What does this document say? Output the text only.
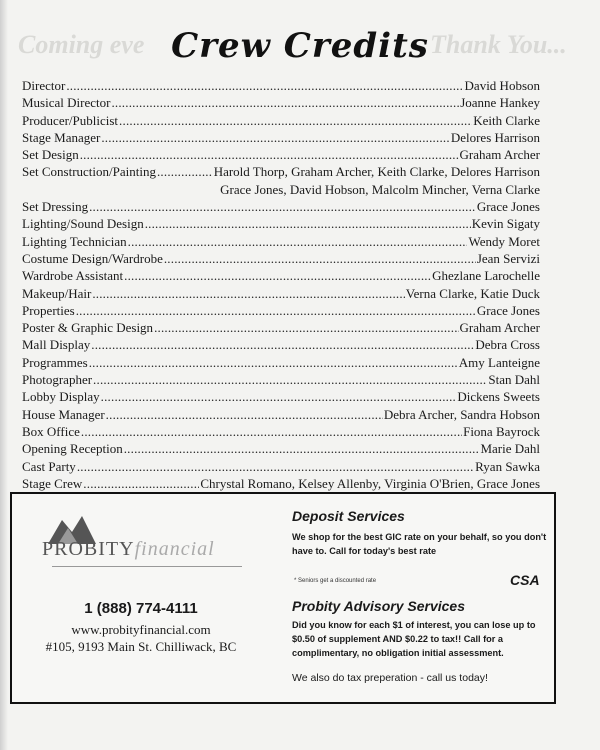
Coming eve	Thank You...
Crew Credits
Director .....	David Hobson
Musical Director .....	Joanne Hankey
Producer/Publicist .....	Keith Clarke
Stage Manager .....	Delores Harrison
Set Design .....	Graham Archer
Set Construction/Painting .....	Harold Thorp, Graham Archer, Keith Clarke, Delores Harrison
Grace Jones, David Hobson, Malcolm Mincher, Verna Clarke
Set Dressing .....	Grace Jones
Lighting/Sound Design .....	Kevin Sigaty
Lighting Technician .....	Wendy Moret
Costume Design/Wardrobe .....	Jean Servizi
Wardrobe Assistant .....	Ghezlane Larochelle
Makeup/Hair .....	Verna Clarke, Katie Duck
Properties .....	Grace Jones
Poster & Graphic Design .....	Graham Archer
Mall Display .....	Debra Cross
Programmes .....	Amy Lanteigne
Photographer .....	Stan Dahl
Lobby Display .....	Dickens Sweets
House Manager .....	Debra Archer, Sandra Hobson
Box Office .....	Fiona Bayrock
Opening Reception .....	Marie Dahl
Cast Party .....	Ryan Sawka
Stage Crew .....	Chrystal Romano, Kelsey Allenby, Virginia O'Brien, Grace Jones
.....
PROBITYfinancial
1 (888) 774-4111
www.probityfinancial.com
#105, 9193 Main St. Chilliwack, BC
Deposit Services
We shop for the best GIC rate on your behalf, so you don't have to. Call for today's best rate
* Seniors get a discounted rate	CSA
Probity Advisory Services
Did you know for each $1 of interest, you can lose up to $0.50 of supplement AND $0.22 to tax!! Call for a complimentary, no obligation initial assessment.
We also do tax preperation - call us today!
